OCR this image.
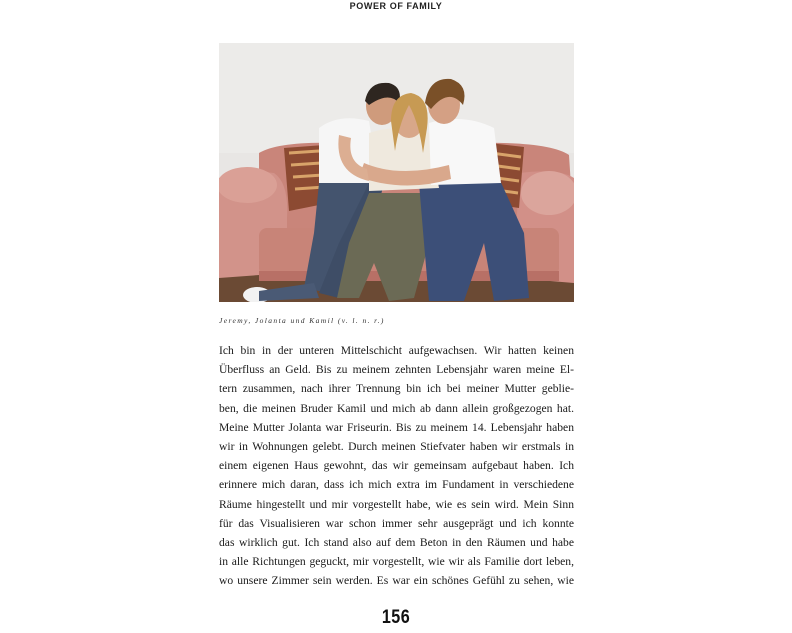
POWER OF FAMILY
Jeremy, Jolanta und Kamil (v. l. n. r.)
Ich bin in der unteren Mittelschicht aufgewachsen. Wir hatten keinen
Überfluss an Geld. Bis zu meinem zehnten Lebensjahr waren meine El-
tern zusammen, nach ihrer Trennung bin ich bei meiner Mutter geblie-
ben, die meinen Bruder Kamil und mich ab dann allein großgezogen hat.
Meine Mutter Jolanta war Friseurin. Bis zu meinem 14. Lebensjahr haben
wir in Wohnungen gelebt. Durch meinen Stiefvater haben wir erstmals in
einem eigenen Haus gewohnt, das wir gemeinsam aufgebaut haben. Ich
erinnere mich daran, dass ich mich extra im Fundament in verschiedene
Räume hingestellt und mir vorgestellt habe, wie es sein wird. Mein Sinn
für das Visualisieren war schon immer sehr ausgeprägt und ich konnte
das wirklich gut. Ich stand also auf dem Beton in den Räumen und habe
in alle Richtungen geguckt, mir vorgestellt, wie wir als Familie dort leben,
wo unsere Zimmer sein werden. Es war ein schönes Gefühl zu sehen, wie
156
